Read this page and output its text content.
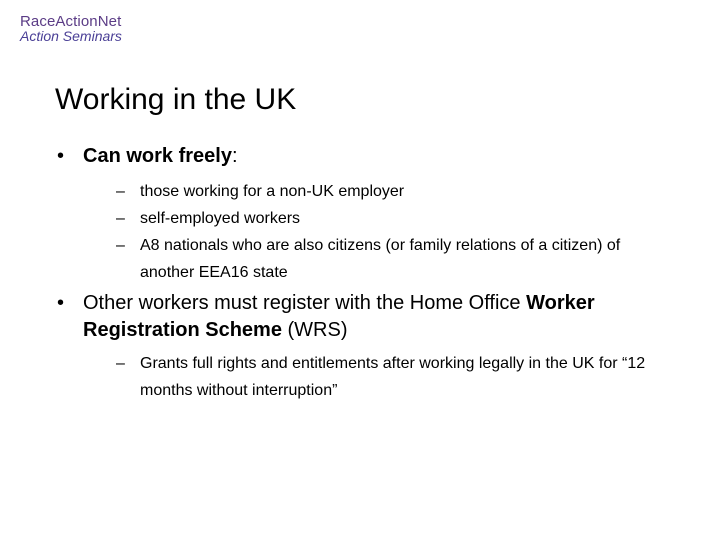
RaceActionNet
Action Seminars
Working in the UK
• Can work freely:
– those working for a non-UK employer
– self-employed workers
– A8 nationals who are also citizens (or family relations of a citizen) of another EEA16 state
• Other workers must register with the Home Office Worker Registration Scheme (WRS)
– Grants full rights and entitlements after working legally in the UK for “12 months without interruption”
